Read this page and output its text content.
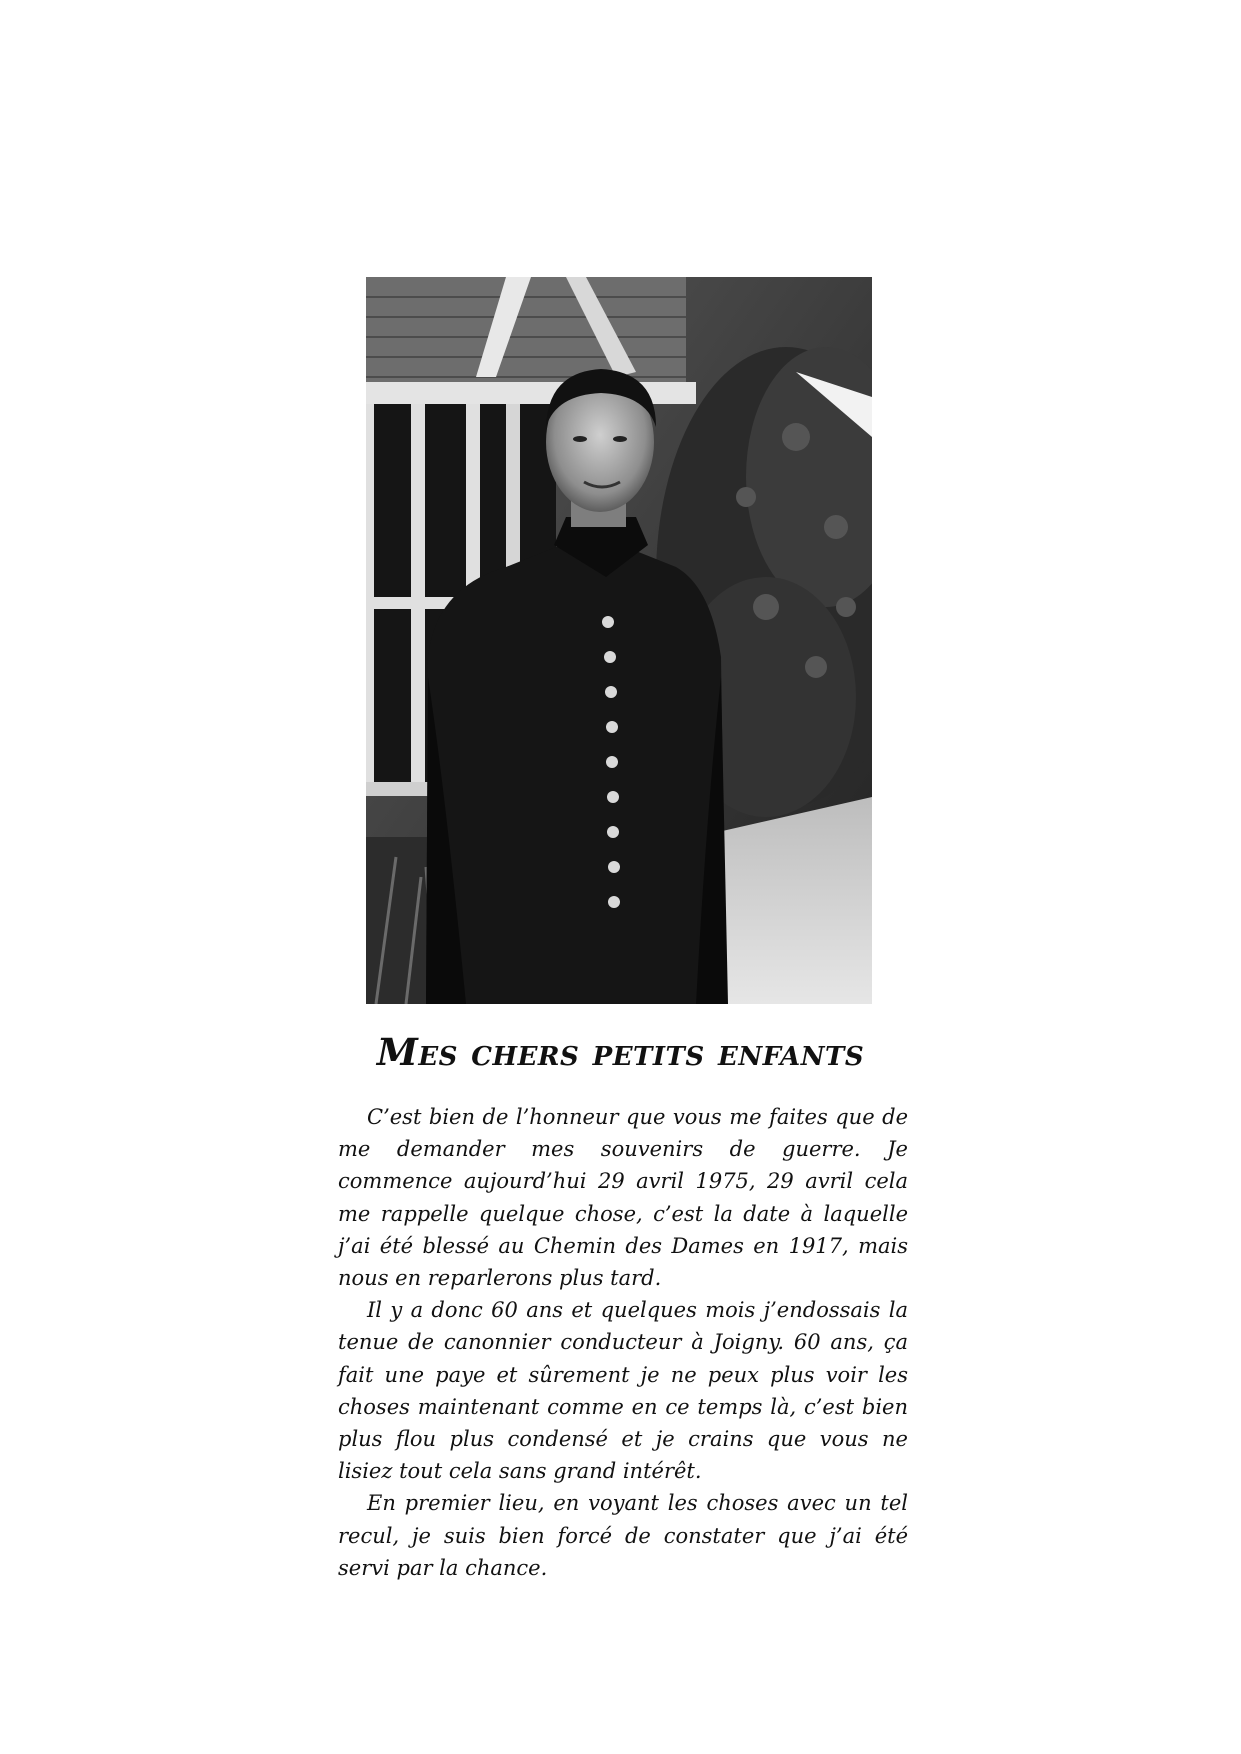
Mes chers petits enfants

C’est bien de l’honneur que vous me faites que de me demander mes souvenirs de guerre. Je commence aujourd’hui 29 avril 1975, 29 avril cela me rappelle quelque chose, c’est la date à laquelle j’ai été blessé au Chemin des Dames en 1917, mais nous en reparlerons plus tard.

Il y a donc 60 ans et quelques mois j’endossais la tenue de canonnier conducteur à Joigny. 60 ans, ça fait une paye et sûrement je ne peux plus voir les choses maintenant comme en ce temps là, c’est bien plus flou plus condensé et je crains que vous ne lisiez tout cela sans grand intérêt.

En premier lieu, en voyant les choses avec un tel recul, je suis bien forcé de constater que j’ai été servi par la chance.
